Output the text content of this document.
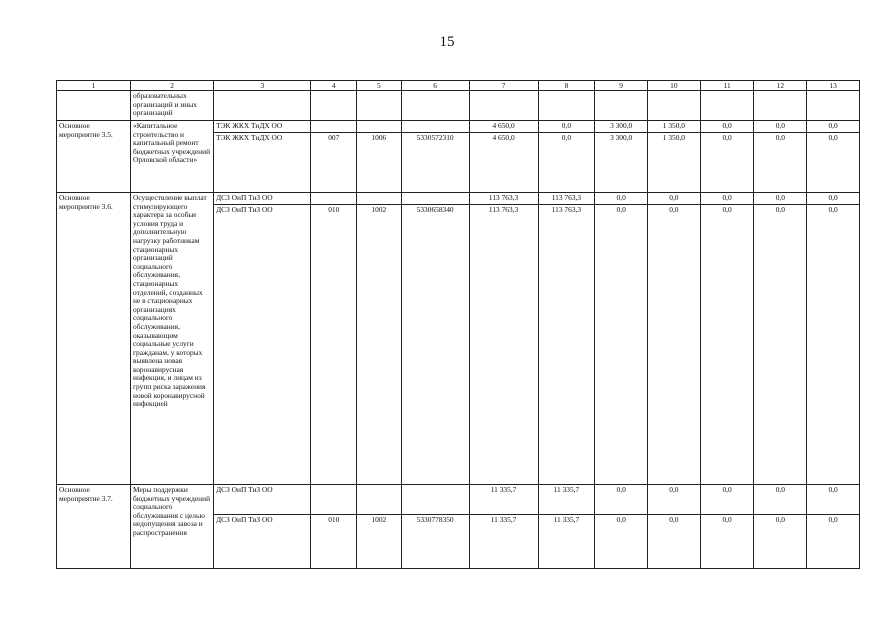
15
1	2	3	4	5	6	7	8	9	10	11	12	13
	образовательных организаций и иных организаций											
Основное мероприятие 3.5.	«Капитальное строительство и капитальный ремонт бюджетных учреждений Орловской области»	ТЭК ЖКХ ТиДХ ОО				4 650,0	0,0	3 300,0	1 350,0	0,0	0,0	0,0
		ТЭК ЖКХ ТиДХ ОО	007	1006	5330572310	4 650,0	0,0	3 300,0	1 350,0	0,0	0,0	0,0
Основное мероприятие 3.6.	Осуществление выплат стимулирующего характера за особые условия труда и дополнительную нагрузку работникам стационарных организаций социального обслуживания, стационарных отделений, созданных не в стационарных организациях социального обслуживания, оказывающим социальные услуги гражданам, у которых выявлена новая коронавирусная инфекция, и лицам из групп риска заражения новой коронавирусной инфекцией	ДСЗ ОиП ТиЗ ОО				113 763,3	113 763,3	0,0	0,0	0,0	0,0	0,0
		ДСЗ ОиП ТиЗ ОО	010	1002	5330658340	113 763,3	113 763,3	0,0	0,0	0,0	0,0	0,0
Основное мероприятие 3.7.	Меры поддержки бюджетных учреждений социального обслуживания с целью недопущения завоза и распространения	ДСЗ ОиП ТиЗ ОО				11 335,7	11 335,7	0,0	0,0	0,0	0,0	0,0
		ДСЗ ОиП ТиЗ ОО	010	1002	5330778350	11 335,7	11 335,7	0,0	0,0	0,0	0,0	0,0
